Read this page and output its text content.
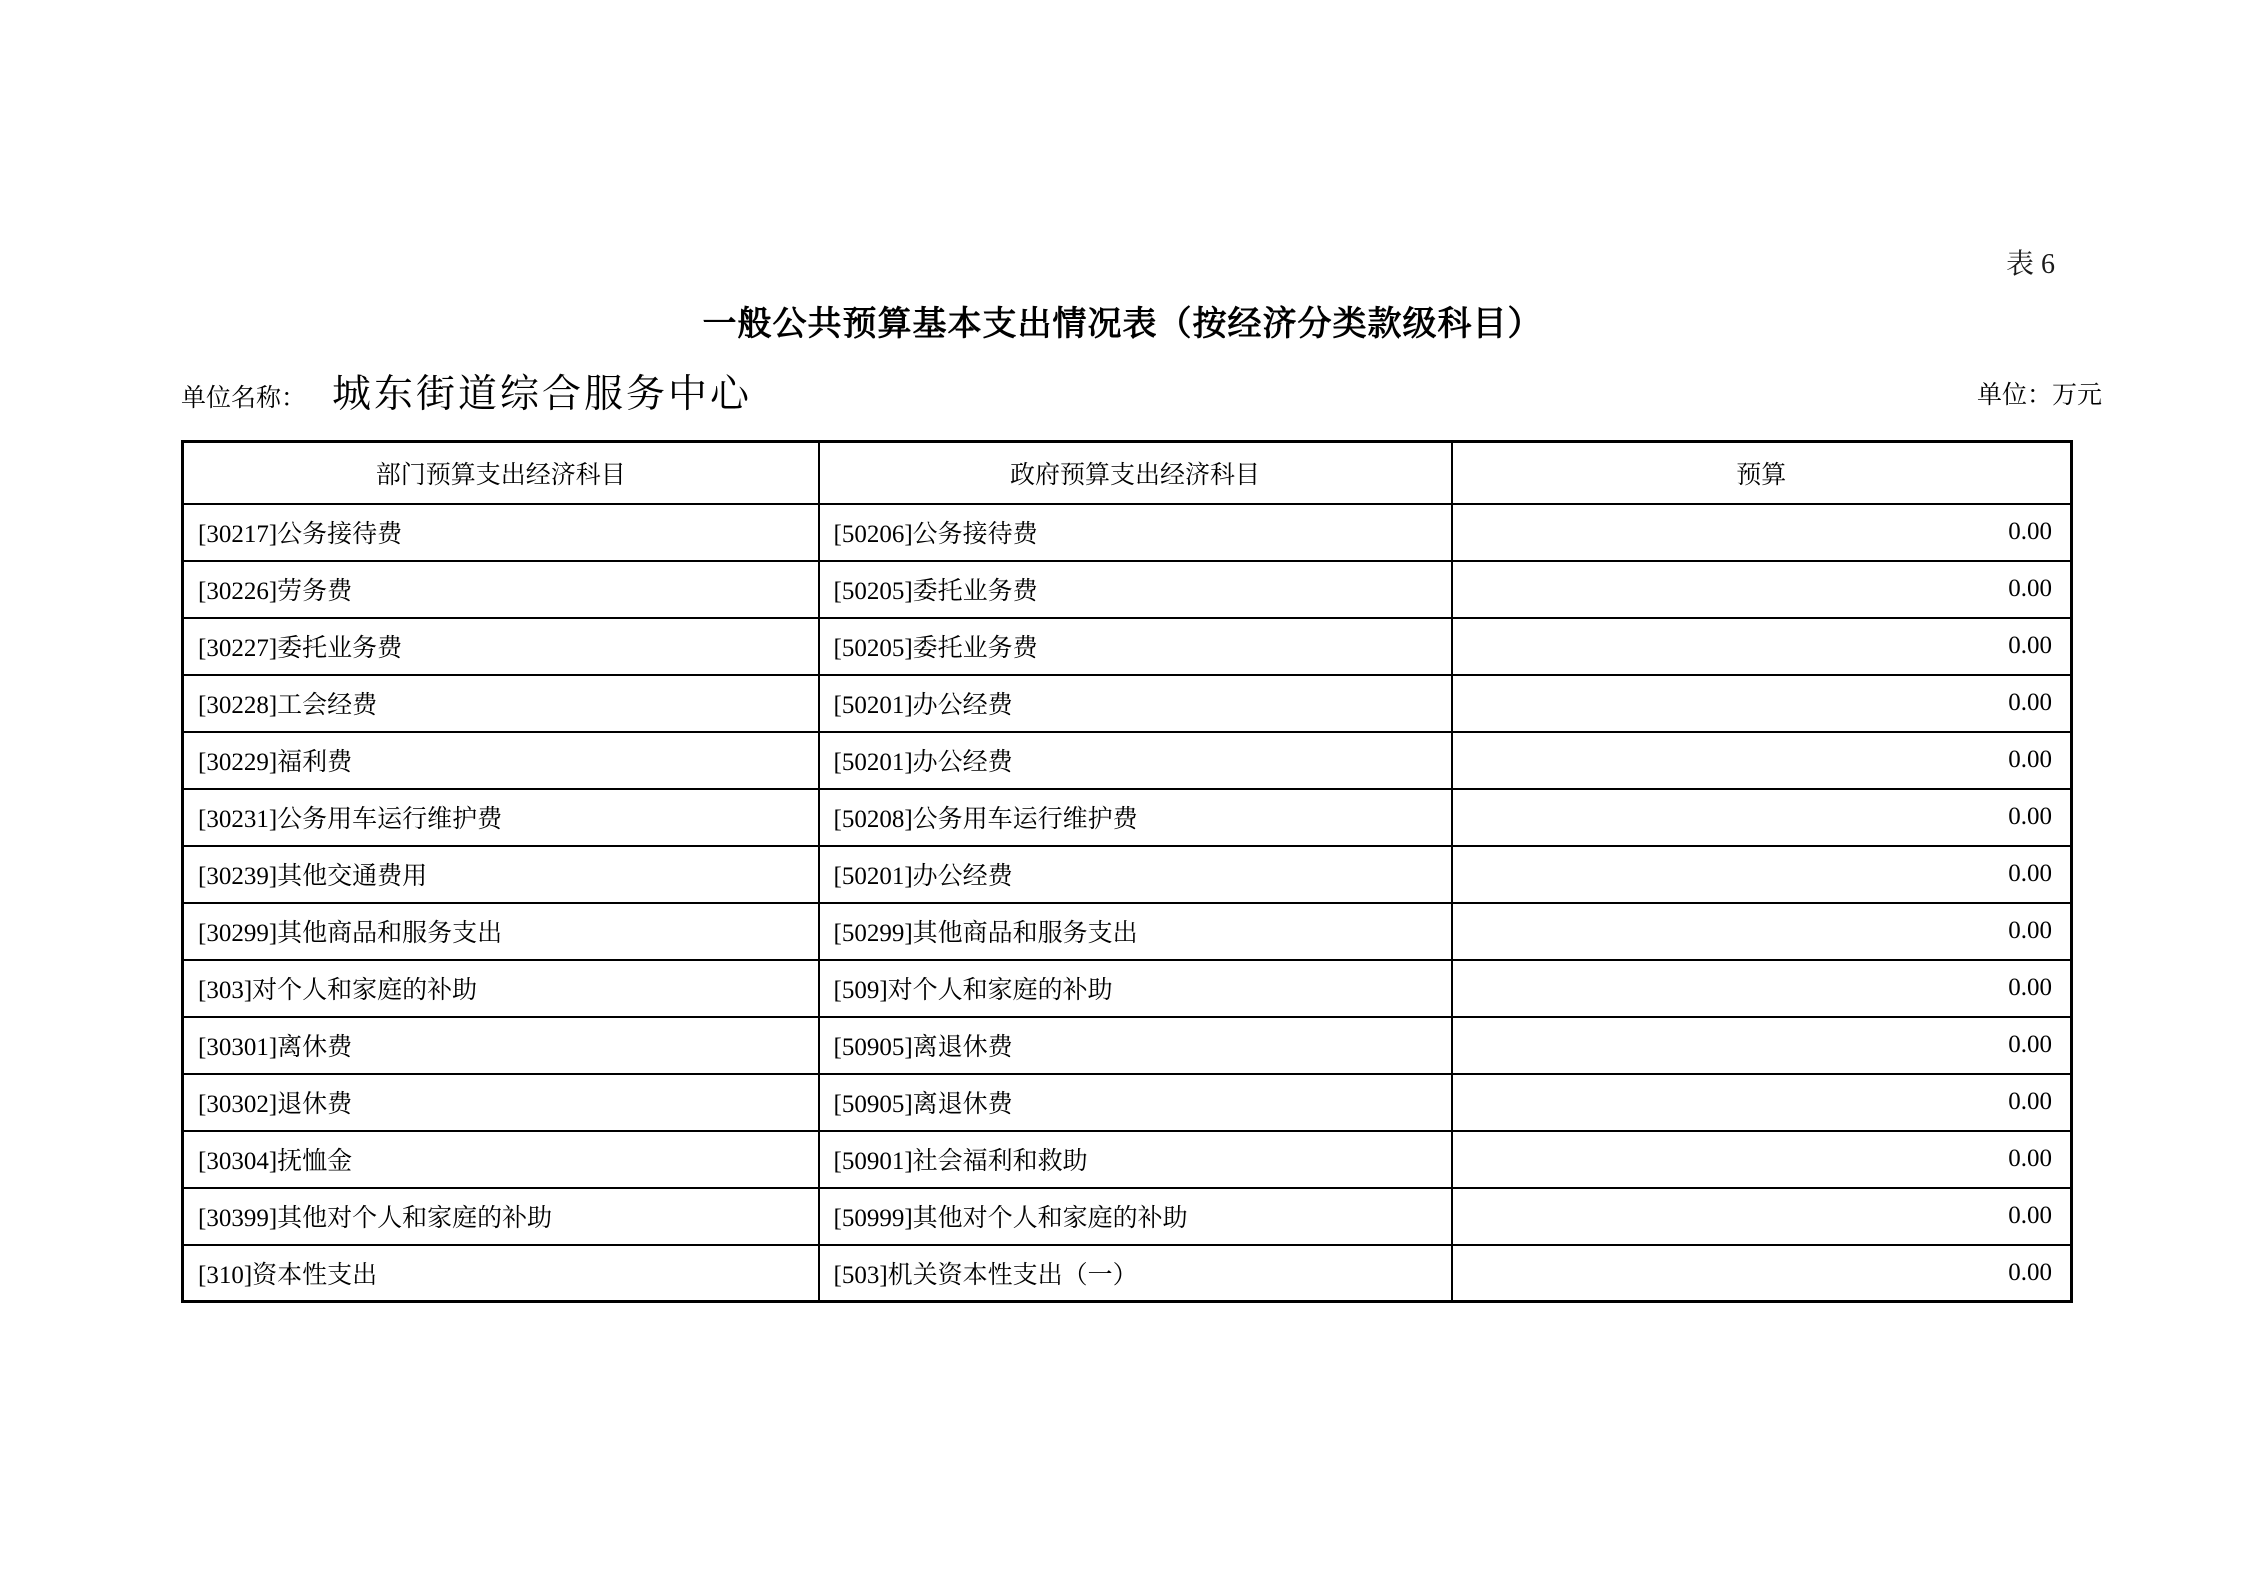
表 6
一般公共预算基本支出情况表（按经济分类款级科目）
单位名称： 城东街道综合服务中心	单位：万元
部门预算支出经济科目	政府预算支出经济科目	预算
[30217]公务接待费	[50206]公务接待费	0.00
[30226]劳务费	[50205]委托业务费	0.00
[30227]委托业务费	[50205]委托业务费	0.00
[30228]工会经费	[50201]办公经费	0.00
[30229]福利费	[50201]办公经费	0.00
[30231]公务用车运行维护费	[50208]公务用车运行维护费	0.00
[30239]其他交通费用	[50201]办公经费	0.00
[30299]其他商品和服务支出	[50299]其他商品和服务支出	0.00
[303]对个人和家庭的补助	[509]对个人和家庭的补助	0.00
[30301]离休费	[50905]离退休费	0.00
[30302]退休费	[50905]离退休费	0.00
[30304]抚恤金	[50901]社会福利和救助	0.00
[30399]其他对个人和家庭的补助	[50999]其他对个人和家庭的补助	0.00
[310]资本性支出	[503]机关资本性支出（一）	0.00
